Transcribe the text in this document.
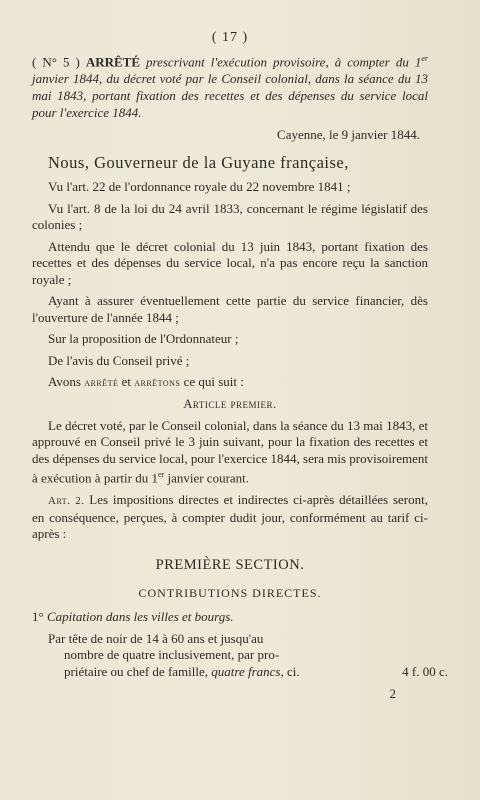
( 17 )
( N° 5 ) ARRÊTÉ prescrivant l'exécution provisoire, à compter du 1er janvier 1844, du décret voté par le Conseil colonial, dans la séance du 13 mai 1843, portant fixation des recettes et des dépenses du service local pour l'exercice 1844.
Cayenne, le 9 janvier 1844.
Nous, Gouverneur de la Guyane française,

Vu l'art. 22 de l'ordonnance royale du 22 novembre 1841 ;

Vu l'art. 8 de la loi du 24 avril 1833, concernant le régime législatif des colonies ;

Attendu que le décret colonial du 13 juin 1843, portant fixation des recettes et des dépenses du service local, n'a pas encore reçu la sanction royale ;

Ayant à assurer éventuellement cette partie du service financier, dès l'ouverture de l'année 1844 ;

Sur la proposition de l'Ordonnateur ;

De l'avis du Conseil privé ;

Avons arrêté et arrêtons ce qui suit :

Article premier.

Le décret voté, par le Conseil colonial, dans la séance du 13 mai 1843, et approuvé en Conseil privé le 3 juin suivant, pour la fixation des recettes et des dépenses du service local, pour l'exercice 1844, sera mis provisoirement à exécution à partir du 1er janvier courant.

Art. 2. Les impositions directes et indirectes ci-après détaillées seront, en conséquence, perçues, à compter dudit jour, conformément au tarif ci-après :

PREMIÈRE SECTION.
CONTRIBUTIONS DIRECTES.
1° Capitation dans les villes et bourgs.
Par tête de noir de 14 à 60 ans et jusqu'au
nombre de quatre inclusivement, par pro-
priétaire ou chef de famille, quatre francs, ci.	4 f. 00 c.
2
